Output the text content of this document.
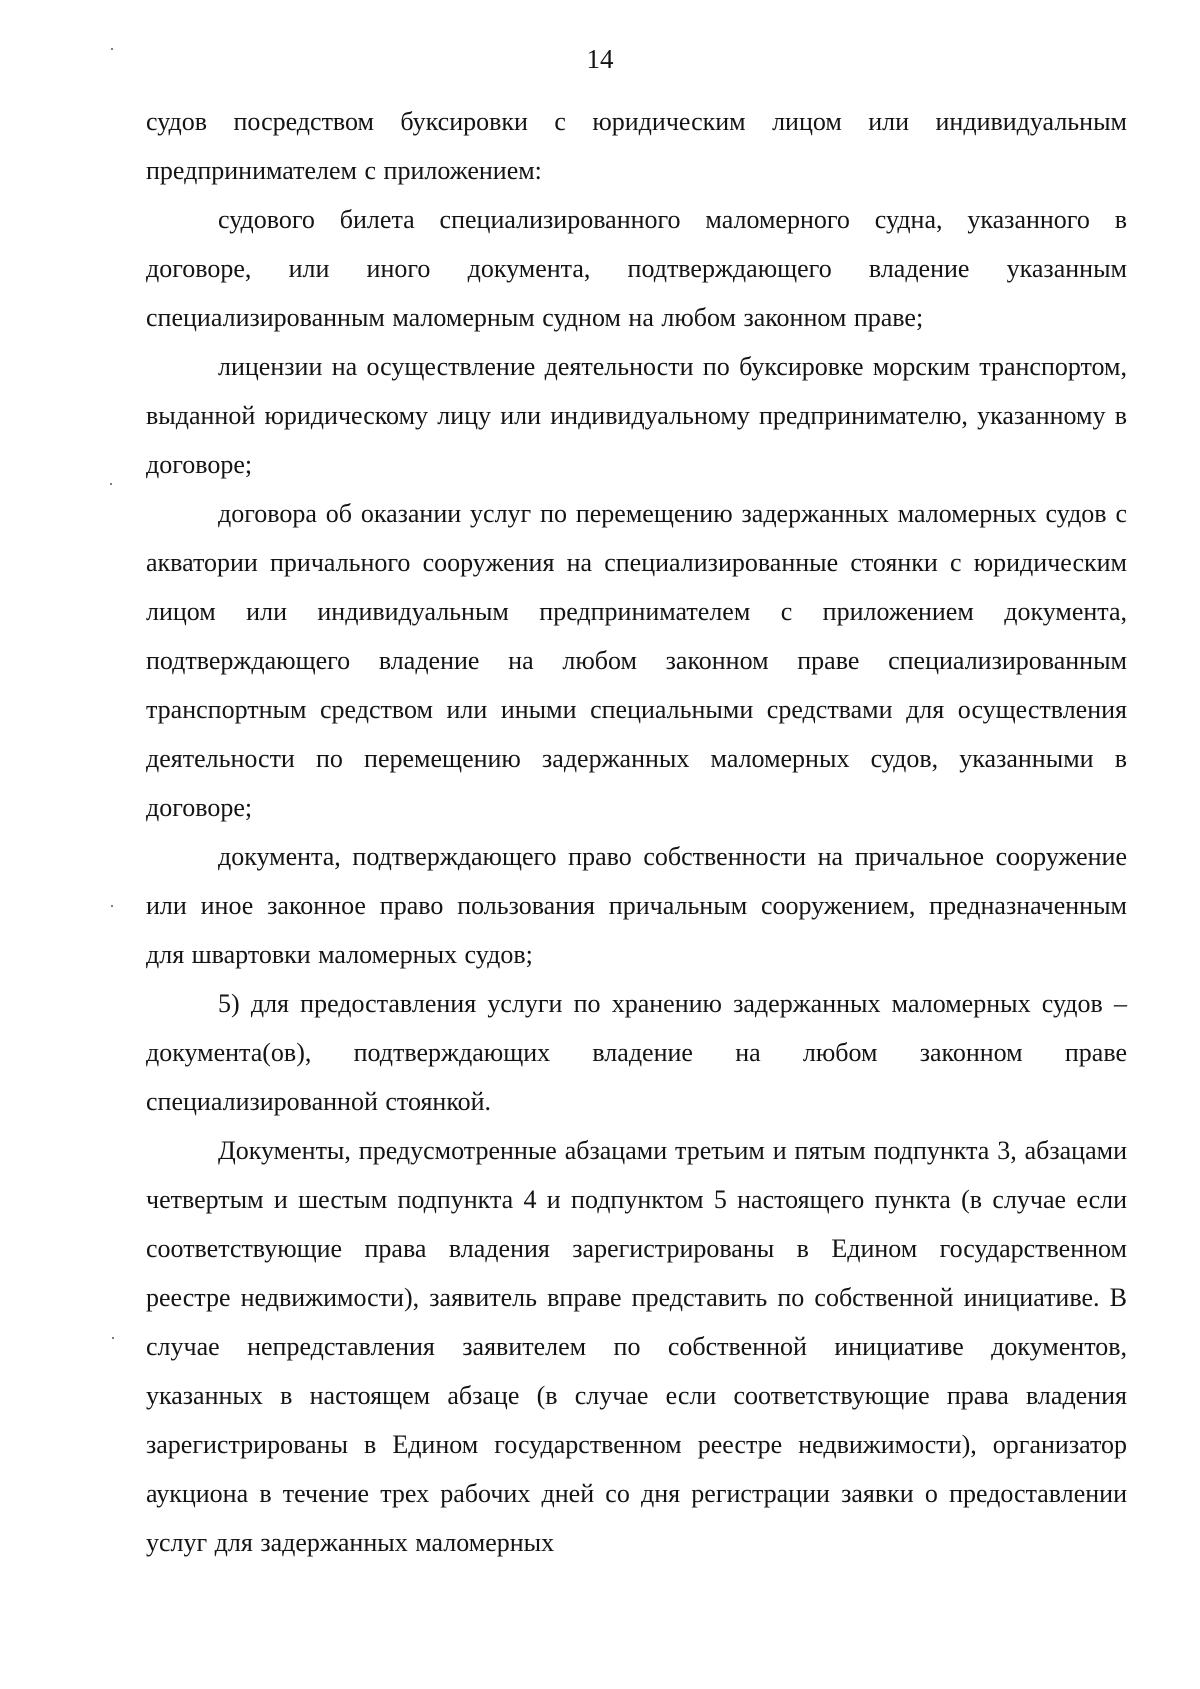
14

судов посредством буксировки с юридическим лицом или индивидуальным предпринимателем с приложением:

судового билета специализированного маломерного судна, указанного в договоре, или иного документа, подтверждающего владение указанным специализированным маломерным судном на любом законном праве;

лицензии на осуществление деятельности по буксировке морским транспортом, выданной юридическому лицу или индивидуальному предпринимателю, указанному в договоре;

договора об оказании услуг по перемещению задержанных маломерных судов с акватории причального сооружения на специализированные стоянки с юридическим лицом или индивидуальным предпринимателем с приложением документа, подтверждающего владение на любом законном праве специализированным транспортным средством или иными специальными средствами для осуществления деятельности по перемещению задержанных маломерных судов, указанными в договоре;

документа, подтверждающего право собственности на причальное сооружение или иное законное право пользования причальным сооружением, предназначенным для швартовки маломерных судов;

5) для предоставления услуги по хранению задержанных маломерных судов – документа(ов), подтверждающих владение на любом законном праве специализированной стоянкой.

Документы, предусмотренные абзацами третьим и пятым подпункта 3, абзацами четвертым и шестым подпункта 4 и подпунктом 5 настоящего пункта (в случае если соответствующие права владения зарегистрированы в Едином государственном реестре недвижимости), заявитель вправе представить по собственной инициативе. В случае непредставления заявителем по собственной инициативе документов, указанных в настоящем абзаце (в случае если соответствующие права владения зарегистрированы в Едином государственном реестре недвижимости), организатор аукциона в течение трех рабочих дней со дня регистрации заявки о предоставлении услуг для задержанных маломерных
